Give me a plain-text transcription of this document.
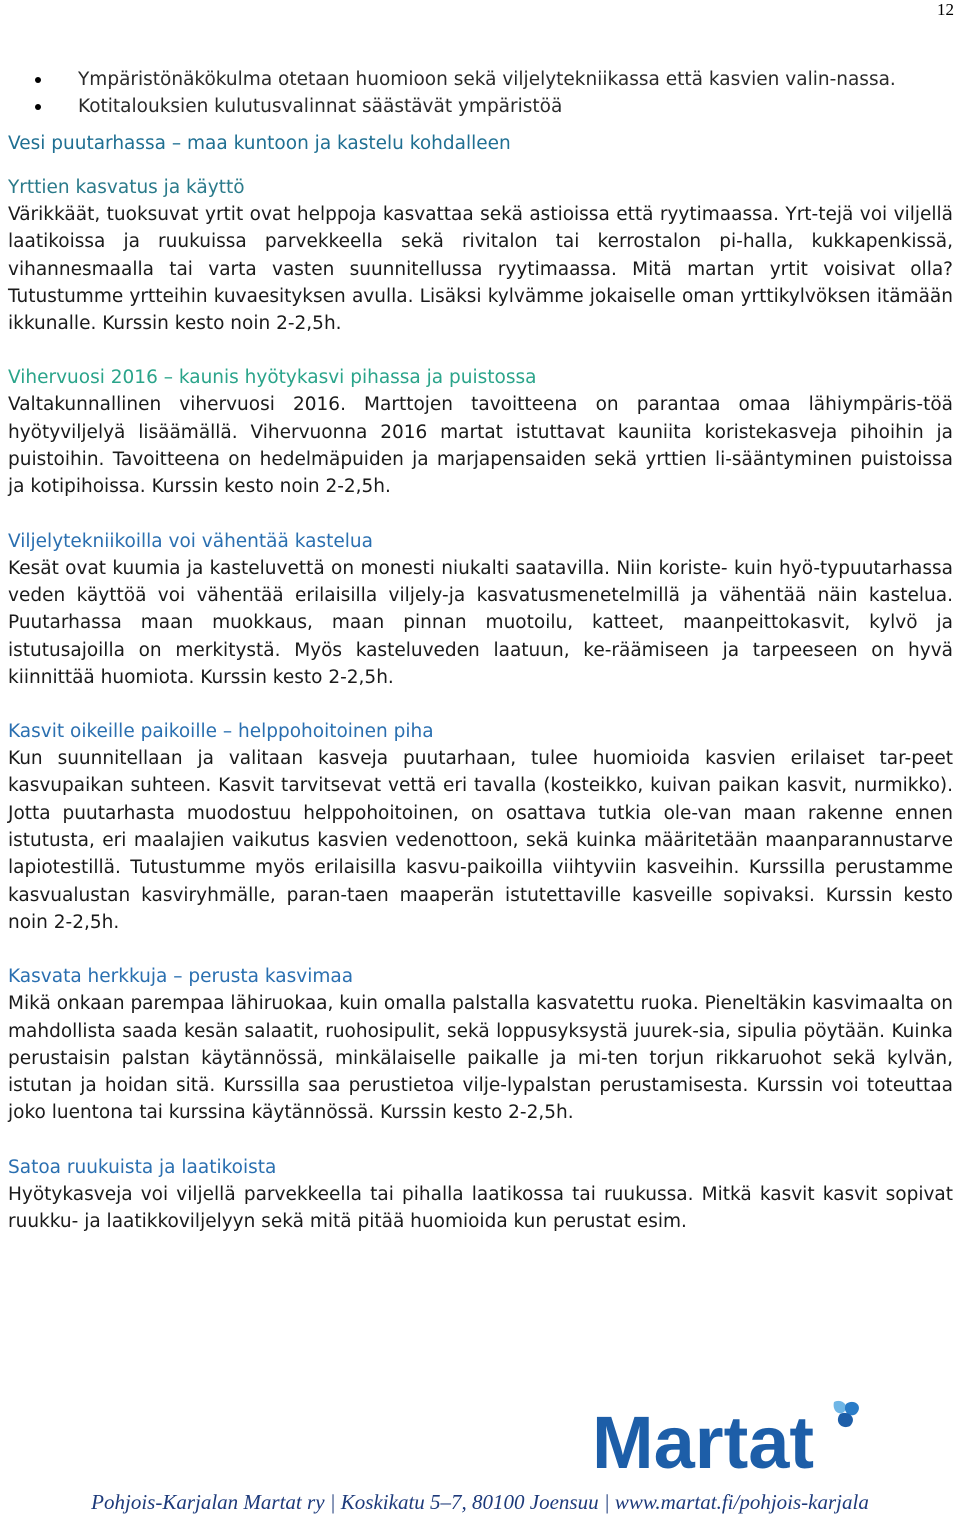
12
Ympäristönäkökulma otetaan huomioon sekä viljelytekniikassa että kasvien valin-nassa.
Kotitalouksien kulutusvalinnat säästävät ympäristöä
Vesi puutarhassa – maa kuntoon ja kastelu kohdalleen
Yrttien kasvatus ja käyttö
Värikkäät, tuoksuvat yrtit ovat helppoja kasvattaa sekä astioissa että ryytimaassa. Yrt-tejä voi viljellä laatikoissa ja ruukuissa parvekkeella sekä rivitalon tai kerrostalon pi-halla, kukkapenkissä, vihannesmaalla tai varta vasten suunnitellussa ryytimaassa. Mitä martan yrtit voisivat olla? Tutustumme yrtteihin kuvaesityksen avulla. Lisäksi kylvämme jokaiselle oman yrttikylvöksen itämään ikkunalle. Kurssin kesto noin 2-2,5h.
Vihervuosi 2016 – kaunis hyötykasvi pihassa ja puistossa
Valtakunnallinen vihervuosi 2016. Marttojen tavoitteena on parantaa omaa lähiympäris-töä hyötyviljelyä lisäämällä. Vihervuonna 2016 martat istuttavat kauniita koristekasveja pihoihin ja puistoihin. Tavoitteena on hedelmäpuiden ja marjapensaiden sekä yrttien li-sääntyminen puistoissa ja kotipihoissa. Kurssin kesto noin 2-2,5h.
Viljelytekniikoilla voi vähentää kastelua
Kesät ovat kuumia ja kasteluvettä on monesti niukalti saatavilla. Niin koriste- kuin hyö-typuutarhassa veden käyttöä voi vähentää erilaisilla viljely-ja kasvatusmenetelmillä ja vähentää näin kastelua. Puutarhassa maan muokkaus, maan pinnan muotoilu, katteet, maanpeittokasvit, kylvö ja istutusajoilla on merkitystä. Myös kasteluveden laatuun, ke-räämiseen ja tarpeeseen on hyvä kiinnittää huomiota. Kurssin kesto 2-2,5h.
Kasvit oikeille paikoille – helppohoitoinen piha
Kun suunnitellaan ja valitaan kasveja puutarhaan, tulee huomioida kasvien erilaiset tar-peet kasvupaikan suhteen. Kasvit tarvitsevat vettä eri tavalla (kosteikko, kuivan paikan kasvit, nurmikko). Jotta puutarhasta muodostuu helppohoitoinen, on osattava tutkia ole-van maan rakenne ennen istutusta, eri maalajien vaikutus kasvien vedenottoon, sekä kuinka määritetään maanparannustarve lapiotestillä. Tutustumme myös erilaisilla kasvu-paikoilla viihtyviin kasveihin. Kurssilla perustamme kasvualustan kasviryhmälle, paran-taen maaperän istutettaville kasveille sopivaksi. Kurssin kesto noin 2-2,5h.
Kasvata herkkuja – perusta kasvimaa
Mikä onkaan parempaa lähiruokaa, kuin omalla palstalla kasvatettu ruoka. Pieneltäkin kasvimaalta on mahdollista saada kesän salaatit, ruohosipulit, sekä loppusyksystä juurek-sia, sipulia pöytään. Kuinka perustaisin palstan käytännössä, minkälaiselle paikalle ja mi-ten torjun rikkaruohot sekä kylvän, istutan ja hoidan sitä. Kurssilla saa perustietoa vilje-lypalstan perustamisesta. Kurssin voi toteuttaa joko luentona tai kurssina käytännössä. Kurssin kesto 2-2,5h.
Satoa ruukuista ja laatikoista
Hyötykasveja voi viljellä parvekkeella tai pihalla laatikossa tai ruukussa. Mitkä kasvit kasvit sopivat ruukku- ja laatikkoviljelyyn sekä mitä pitää huomioida kun perustat esim.
Martat
Pohjois-Karjalan Martat ry | Koskikatu 5–7, 80100 Joensuu | www.martat.fi/pohjois-karjala
